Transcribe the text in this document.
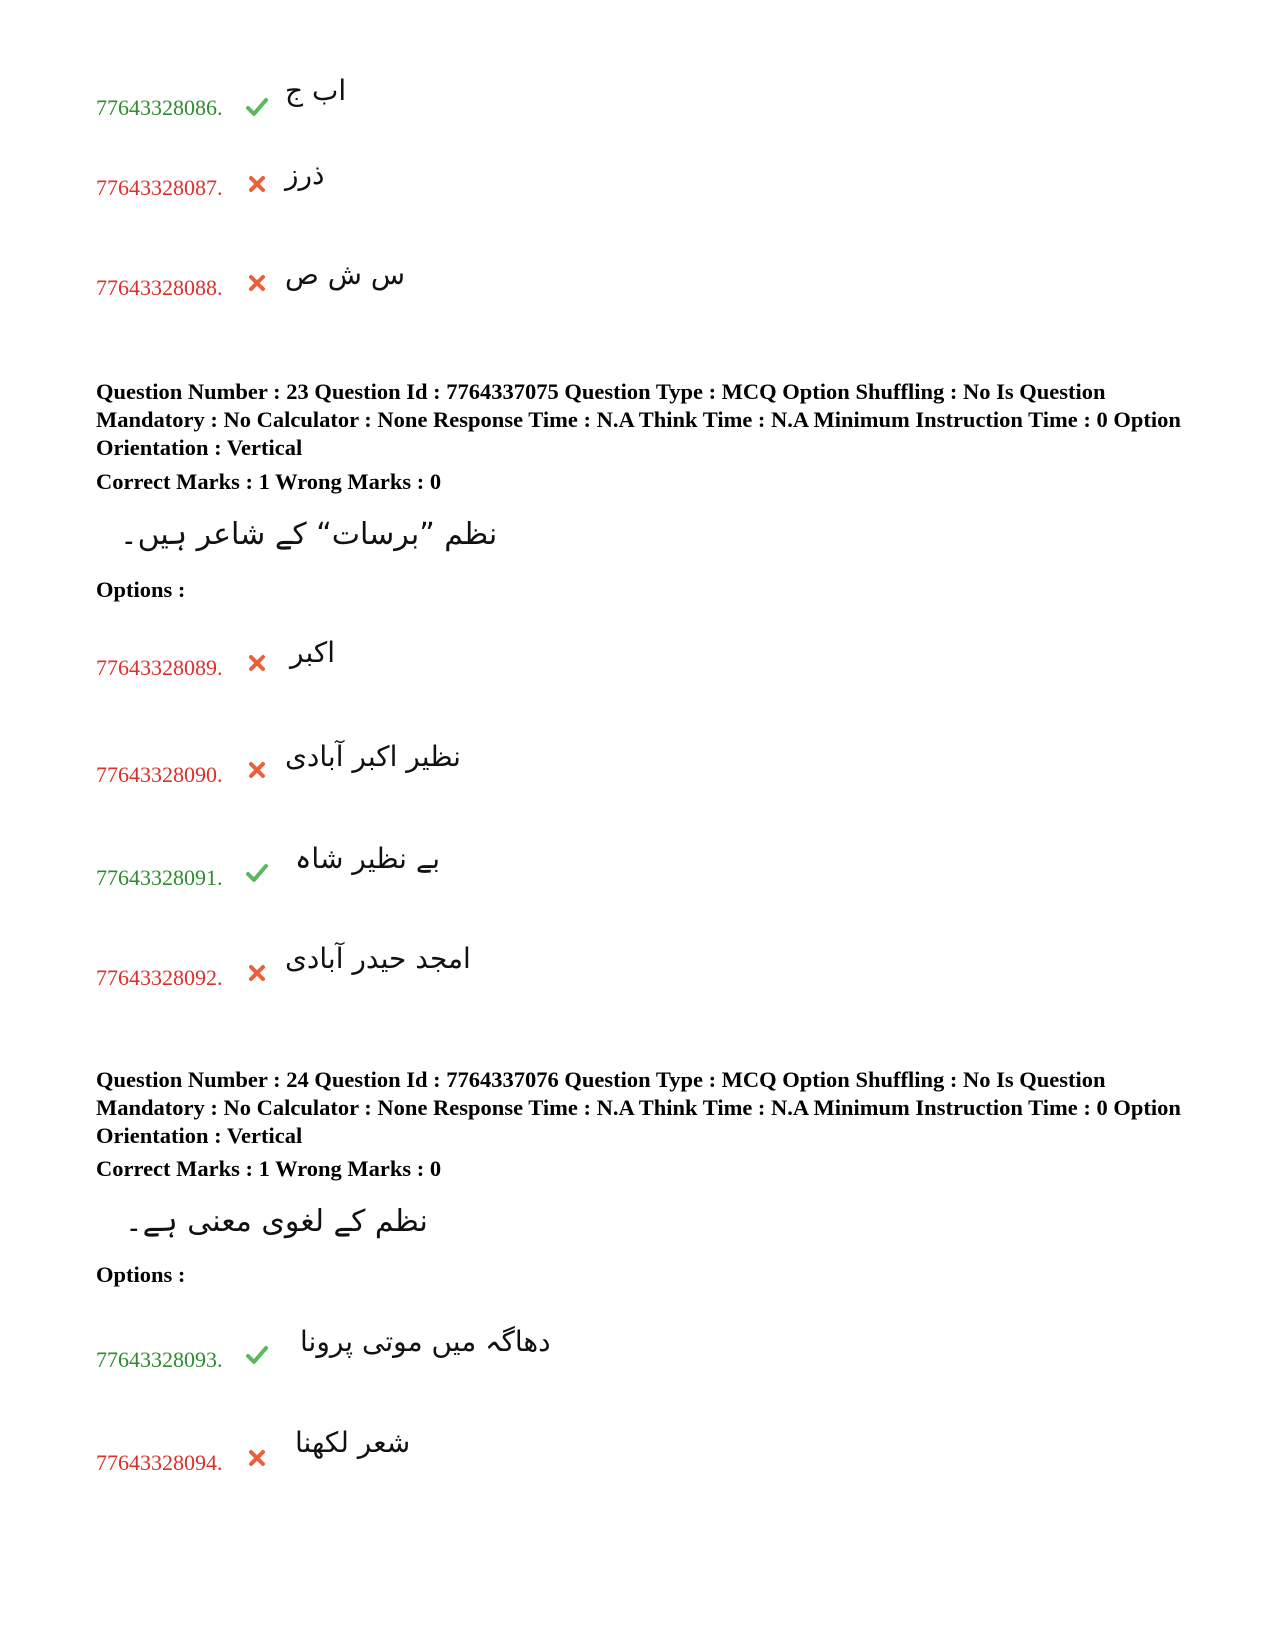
77643328086.
اب ج
77643328087. ذرز
77643328088. س ش ص
Question Number : 23 Question Id : 7764337075 Question Type : MCQ Option Shuffling : No Is Question Mandatory : No Calculator : None Response Time : N.A Think Time : N.A Minimum Instruction Time : 0 Option Orientation : Vertical
Correct Marks : 1 Wrong Marks : 0
نظم ”برسات“ کے شاعر ہیں۔
Options :
77643328089. اکبر
77643328090.
نظیر اکبر آبادی
77643328091.
بے نظیر شاہ
77643328092.
امجد حیدر آبادی
Question Number : 24 Question Id : 7764337076 Question Type : MCQ Option Shuffling : No Is Question Mandatory : No Calculator : None Response Time : N.A Think Time : N.A Minimum Instruction Time : 0 Option Orientation : Vertical
Correct Marks : 1 Wrong Marks : 0
نظم کے لغوی معنی ہے۔
Options :
77643328093.
دھاگہ میں موتی پرونا
77643328094.
شعر لکھنا
